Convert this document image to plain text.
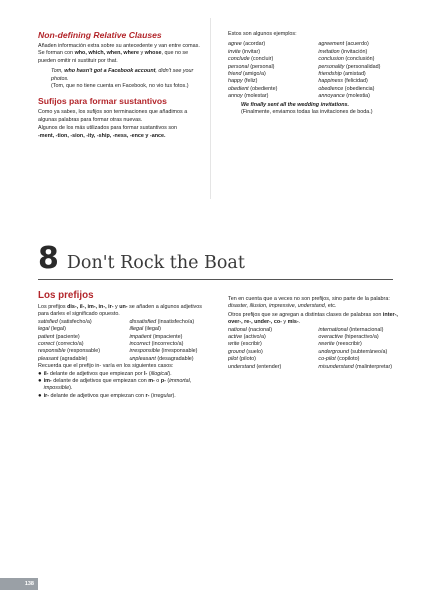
Non-defining Relative Clauses

Añaden información extra sobre su antecedente y van entre comas. Se forman con who, which, when, where y whose, que no se pueden omitir ni sustituir por that.

Tom, who hasn't got a Facebook account, didn't see your photos.

(Tom, que no tiene cuenta en Facebook, no vio tus fotos.)

Sufijos para formar sustantivos

Como ya sabes, los sufijos son terminaciones que añadimos a algunas palabras para formar otras nuevas.

Algunos de los más utilizados para formar sustantivos son

-ment, -tion, -sion, -ity, -ship, -ness, -ence y -ance.

Estos son algunos ejemplos:

agree (acordar)	agreement (acuerdo)
invite (invitar)	invitation (invitación)
conclude (concluir)	conclusion (conclusión)
personal (personal)	personality (personalidad)
friend (amigo/a)	friendship (amistad)
happy (feliz)	happiness (felicidad)
obedient (obediente)	obedience (obediencia)
annoy (molestar)	annoyance (molestia)

We finally sent all the wedding invitations.

(Finalmente, enviamos todas las invitaciones de boda.)

8 Don't Rock the Boat
Los prefijos

Los prefijos dis-, il-, im-, in-, ir- y un- se añaden a algunos adjetivos para darles el significado opuesto.

satisfied (satisfecho/a)	dissatisfied (insatisfecho/a)
legal (legal)	illegal (ilegal)
patient (paciente)	impatient (impaciente)
correct (correcto/a)	incorrect (incorrecto/a)
responsible (responsable)	irresponsible (irresponsable)
pleasant (agradable)	unpleasant (desagradable)

Recuerda que el prefijo in- varía en los siguientes casos:

● il- delante de adjetivos que empiezan por l- (illogical).
● im- delante de adjetivos que empiezan con m- o p- (immortal, impossible).
● ir- delante de adjetivos que empiezan con r- (irregular).

Ten en cuenta que a veces no son prefijos, sino parte de la palabra: disaster, illusion, impressive, understand, etc.

Otros prefijos que se agregan a distintas clases de palabras son inter-, over-, re-, under-, co- y mis-.

national (nacional)	international (internacional)
active (activo/a)	overactive (hiperactivo/a)
write (escribir)	rewrite (reescribir)
ground (suelo)	underground (subterráneo/a)
pilot (piloto)	co-pilot (copiloto)
understand (entender)	misunderstand (malinterpretar)
138
